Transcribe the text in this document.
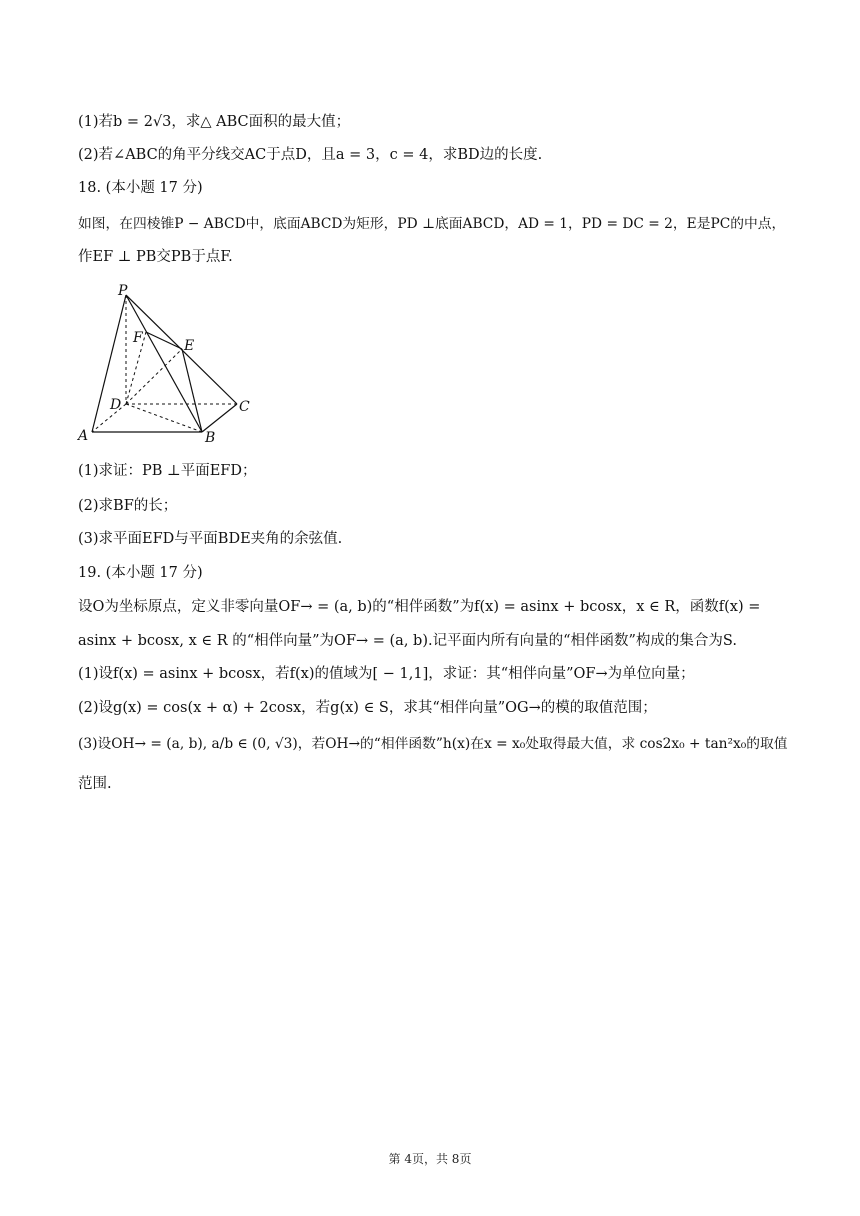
(1)若b = 2√3，求△ ABC面积的最大值；
(2)若∠ABC的角平分线交AC于点D，且a = 3，c = 4，求BD边的长度.
18. (本小题 17 分)
如图，在四棱锥P − ABCD中，底面ABCD为矩形，PD ⊥底面ABCD，AD = 1，PD = DC = 2，E是PC的中点，
作EF ⊥ PB交PB于点F.
P
F	E
D	C
A	B
(1)求证：PB ⊥平面EFD；
(2)求BF的长；
(3)求平面EFD与平面BDE夹角的余弦值.
19. (本小题 17 分)
设O为坐标原点，定义非零向量OF→ = (a, b)的“相伴函数”为f(x) = asinx + bcosx，x ∈ R，函数f(x) =
asinx + bcosx, x ∈ R 的“相伴向量”为OF→ = (a, b).记平面内所有向量的“相伴函数”构成的集合为S.
(1)设f(x) = asinx + bcosx，若f(x)的值域为[ − 1,1]，求证：其“相伴向量”OF→为单位向量；
(2)设g(x) = cos(x + α) + 2cosx，若g(x) ∈ S，求其“相伴向量”OG→的模的取值范围；
(3)设OH→ = (a, b), a/b ∈ (0, √3)，若OH→的“相伴函数”h(x)在x = x₀处取得最大值，求 cos2x₀ + tan²x₀的取值
范围.
第 4页，共 8页
